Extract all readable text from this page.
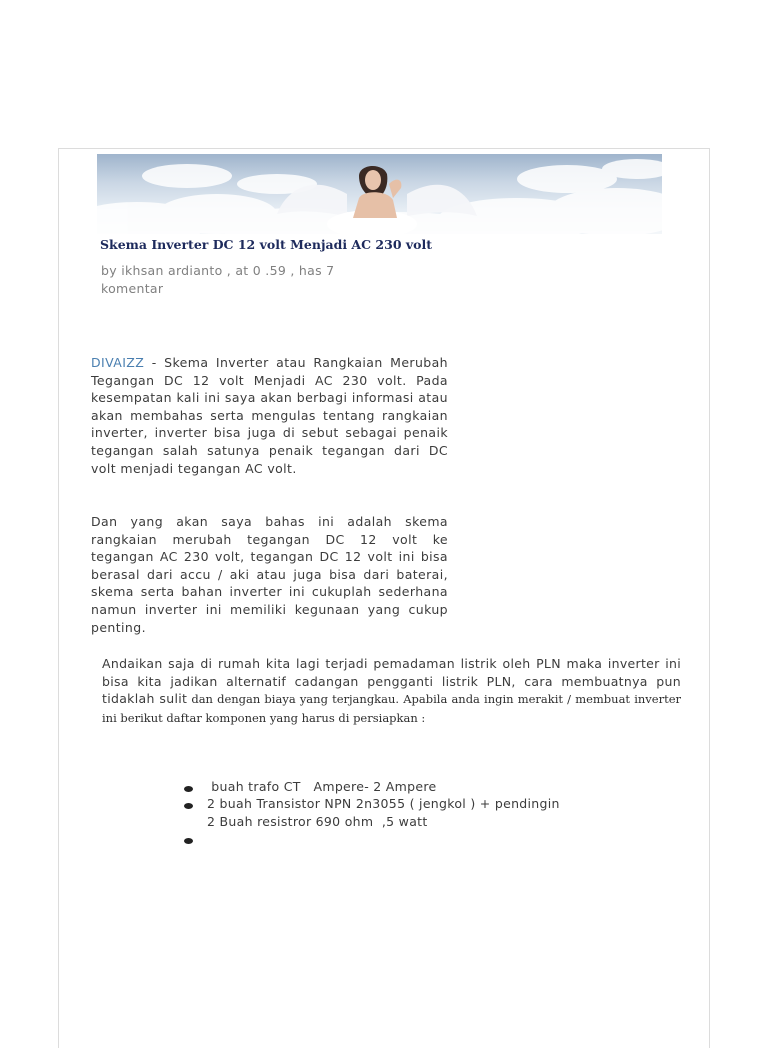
Skema Inverter DC 12 volt Menjadi AC 230 volt
by ikhsan ardianto , at 0 .59 , has 7 komentar
DIVAIZZ - Skema Inverter atau Rangkaian Merubah Tegangan DC 12 volt Menjadi AC 230 volt. Pada kesempatan kali ini saya akan berbagi informasi atau akan membahas serta mengulas tentang rangkaian inverter, inverter bisa juga di sebut sebagai penaik tegangan salah satunya penaik tegangan dari DC volt menjadi tegangan AC volt.
Dan yang akan saya bahas ini adalah skema rangkaian merubah tegangan DC 12 volt ke tegangan AC 230 volt, tegangan DC 12 volt ini bisa berasal dari accu / aki atau juga bisa dari baterai, skema serta bahan inverter ini cukuplah sederhana namun inverter ini memiliki kegunaan yang cukup penting.
Andaikan saja di rumah kita lagi terjadi pemadaman listrik oleh PLN maka inverter ini bisa kita jadikan alternatif cadangan pengganti listrik PLN, cara membuatnya pun tidaklah sulit dan dengan biaya yang terjangkau. Apabila anda ingin merakit / membuat inverter ini berikut daftar komponen yang harus di persiapkan :
buah trafo CT   Ampere- 2 Ampere
2 buah Transistor NPN 2n3055 ( jengkol ) + pendingin
2 Buah resistror 690 ohm  ,5 watt
